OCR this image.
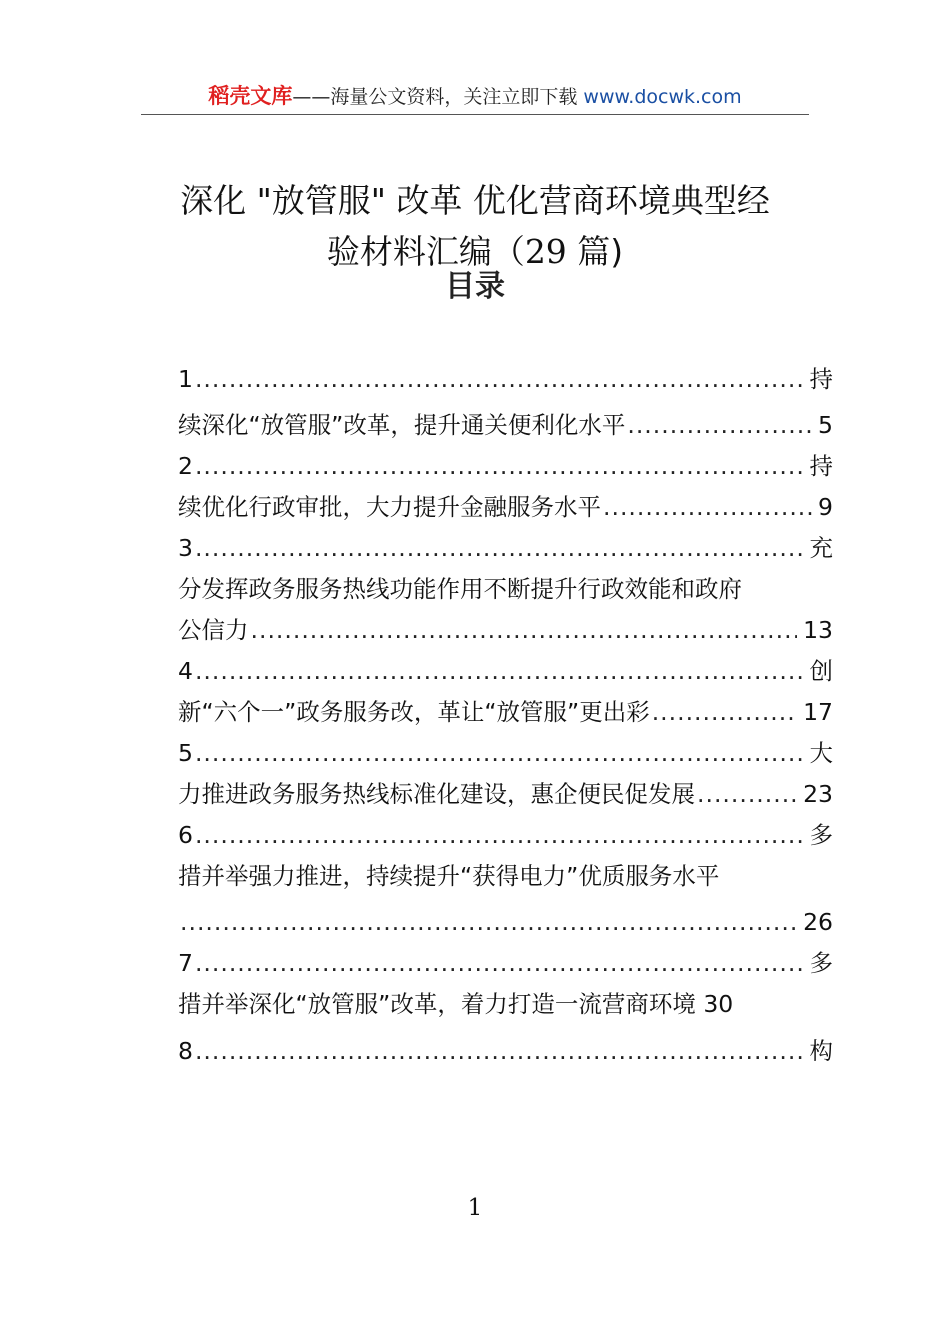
稻壳文库——海量公文资料，关注立即下载 www.docwk.com
深化 "放管服" 改革 优化营商环境典型经
验材料汇编（29 篇)
目录
1 .....	持
续深化“放管服”改革，提升通关便利化水平 .....	5
2 .....	持
续优化行政审批，大力提升金融服务水平 .....	9
3 .....	充
分发挥政务服务热线功能作用不断提升行政效能和政府
公信力 .....	13
4 .....	创
新“六个一”政务服务改，革让“放管服”更出彩 .....	17
5 .....	大
力推进政务服务热线标准化建设，惠企便民促发展 .....	23
6 .....	多
措并举强力推进，持续提升“获得电力”优质服务水平
.....
26
7 .....	多
措并举深化“放管服”改革，着力打造一流营商环境 30
8 .....	构
1
